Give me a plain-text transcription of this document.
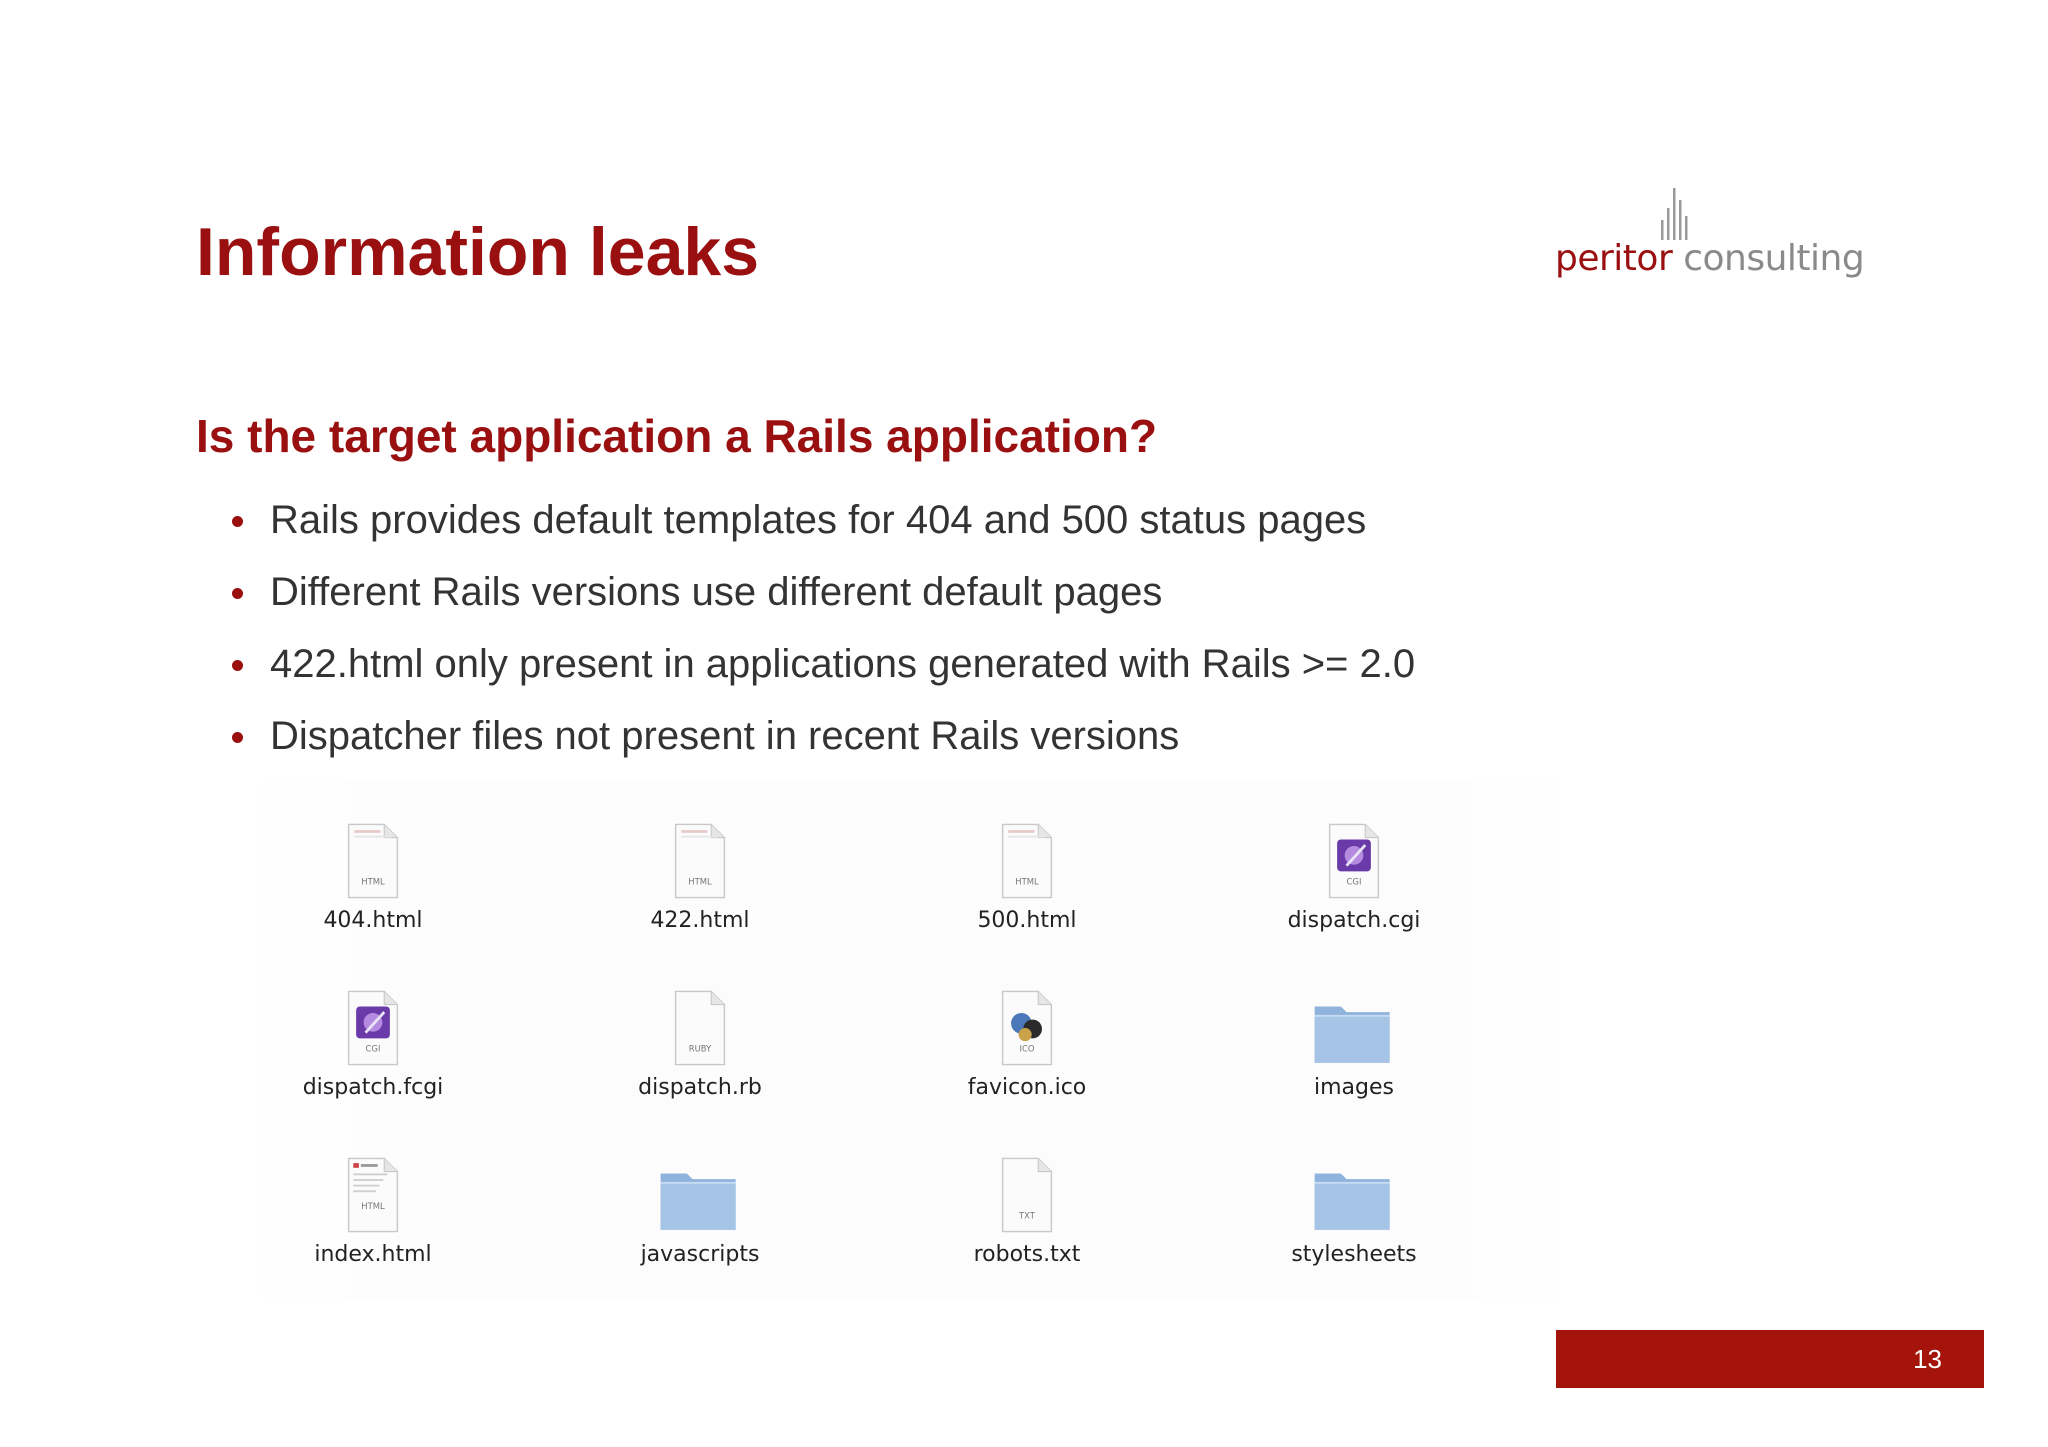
Information leaks	peritor consulting
Is the target application a Rails application?
Rails provides default templates for 404 and 500 status pages
Different Rails versions use different default pages
422.html only present in applications generated with Rails >= 2.0
Dispatcher files not present in recent Rails versions
HTML
404.html
HTML
422.html
HTML
500.html
CGI
dispatch.cgi
CGI
dispatch.fcgi
RUBY
dispatch.rb
ICO
favicon.ico	images
HTML
index.html	javascripts
TXT
robots.txt	stylesheets
13
